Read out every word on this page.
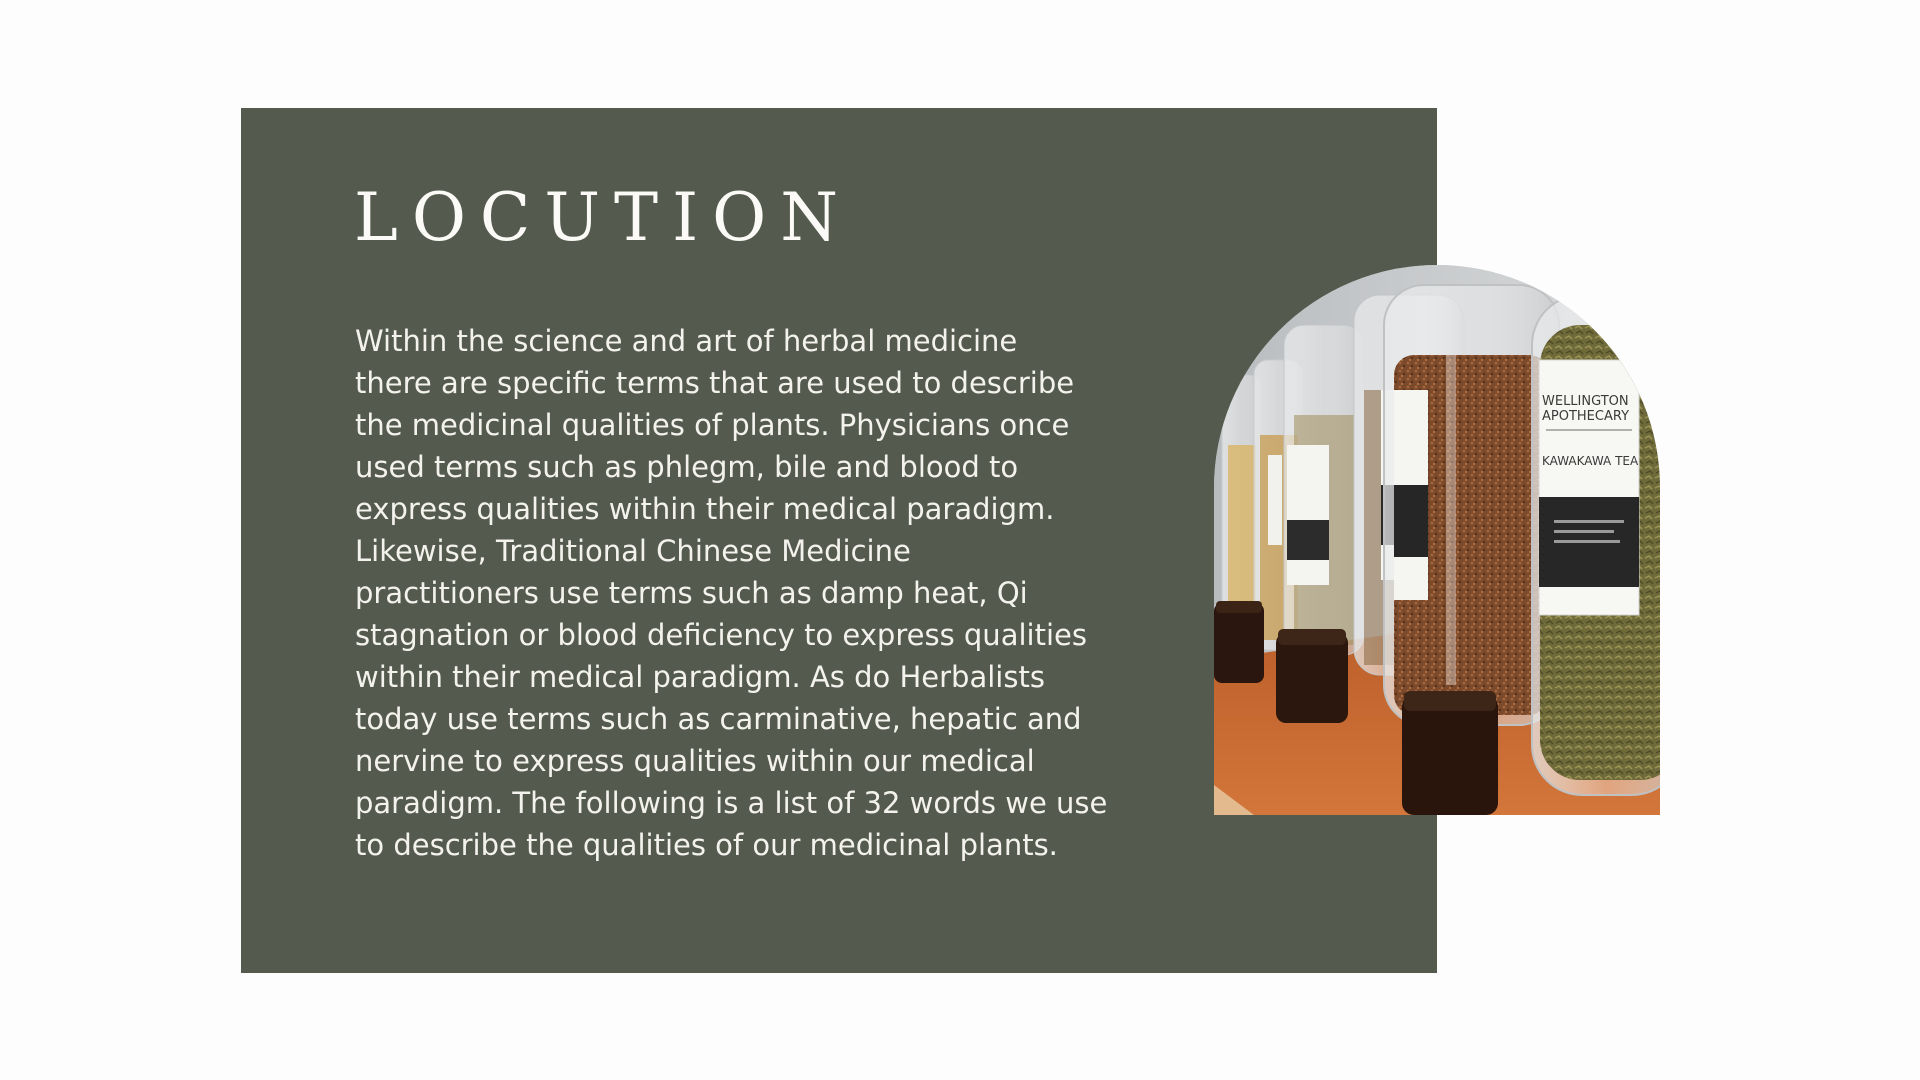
LOCUTION

Within the science and art of herbal medicine
there are specific terms that are used to describe
the medicinal qualities of plants. Physicians once
used terms such as phlegm, bile and blood to
express qualities within their medical paradigm.
Likewise, Traditional Chinese Medicine
practitioners use terms such as damp heat, Qi
stagnation or blood deficiency to express qualities
within their medical paradigm. As do Herbalists
today use terms such as carminative, hepatic and
nervine to express qualities within our medical
paradigm. The following is a list of 32 words we use
to describe the qualities of our medicinal plants.

WELLINGTON
APOTHECARY
KAWAKAWA TEA
